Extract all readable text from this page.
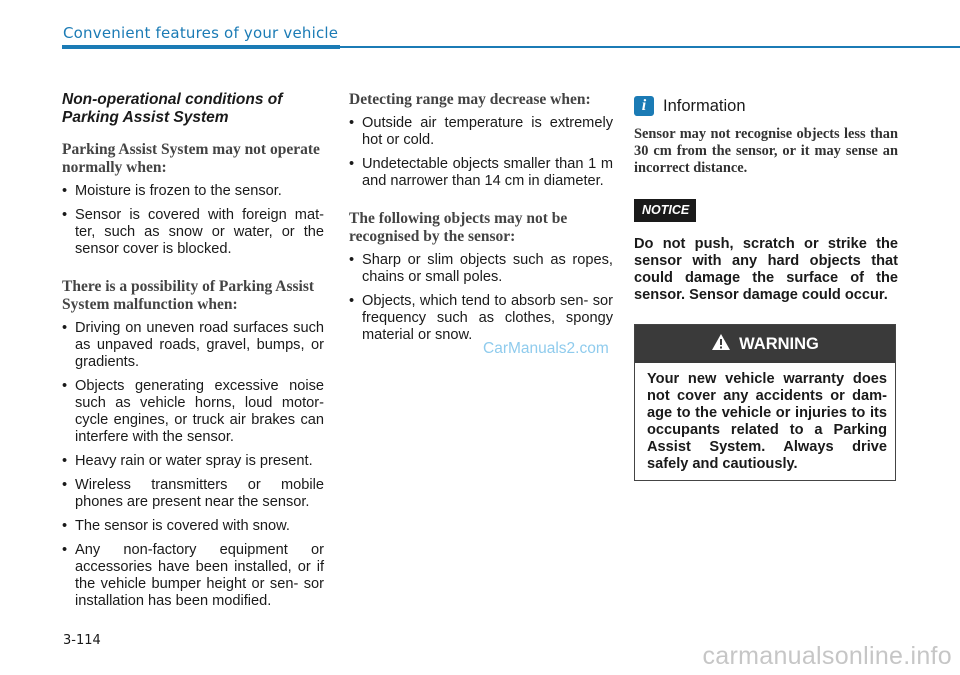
Convenient features of your vehicle
Non-operational conditions of Parking Assist System
Parking Assist System may not operate normally when:
• Moisture is frozen to the sensor.
• Sensor is covered with foreign mat- ter, such as snow or water, or the sensor cover is blocked.
There is a possibility of Parking Assist System malfunction when:
• Driving on uneven road surfaces such as unpaved roads, gravel, bumps, or gradients.
• Objects generating excessive noise such as vehicle horns, loud motor- cycle engines, or truck air brakes can interfere with the sensor.
• Heavy rain or water spray is present.
• Wireless transmitters or mobile phones are present near the sensor.
• The sensor is covered with snow.
• Any non-factory equipment or accessories have been installed, or if the vehicle bumper height or sen- sor installation has been modified.
Detecting range may decrease when:
• Outside air temperature is extremely hot or cold.
• Undetectable objects smaller than 1 m and narrower than 14 cm in diameter.
The following objects may not be recognised by the sensor:
• Sharp or slim objects such as ropes, chains or small poles.
• Objects, which tend to absorb sen- sor frequency such as clothes, spongy material or snow.
i	Information
Sensor may not recognise objects less than 30 cm from the sensor, or it may sense an incorrect distance.
NOTICE
Do not push, scratch or strike the sensor with any hard objects that could damage the surface of the sensor. Sensor damage could occur.
WARNING
Your new vehicle warranty does not cover any accidents or dam- age to the vehicle or injuries to its occupants related to a Parking Assist System. Always drive safely and cautiously.
CarManuals2.com
3-114
carmanualsonline.info
